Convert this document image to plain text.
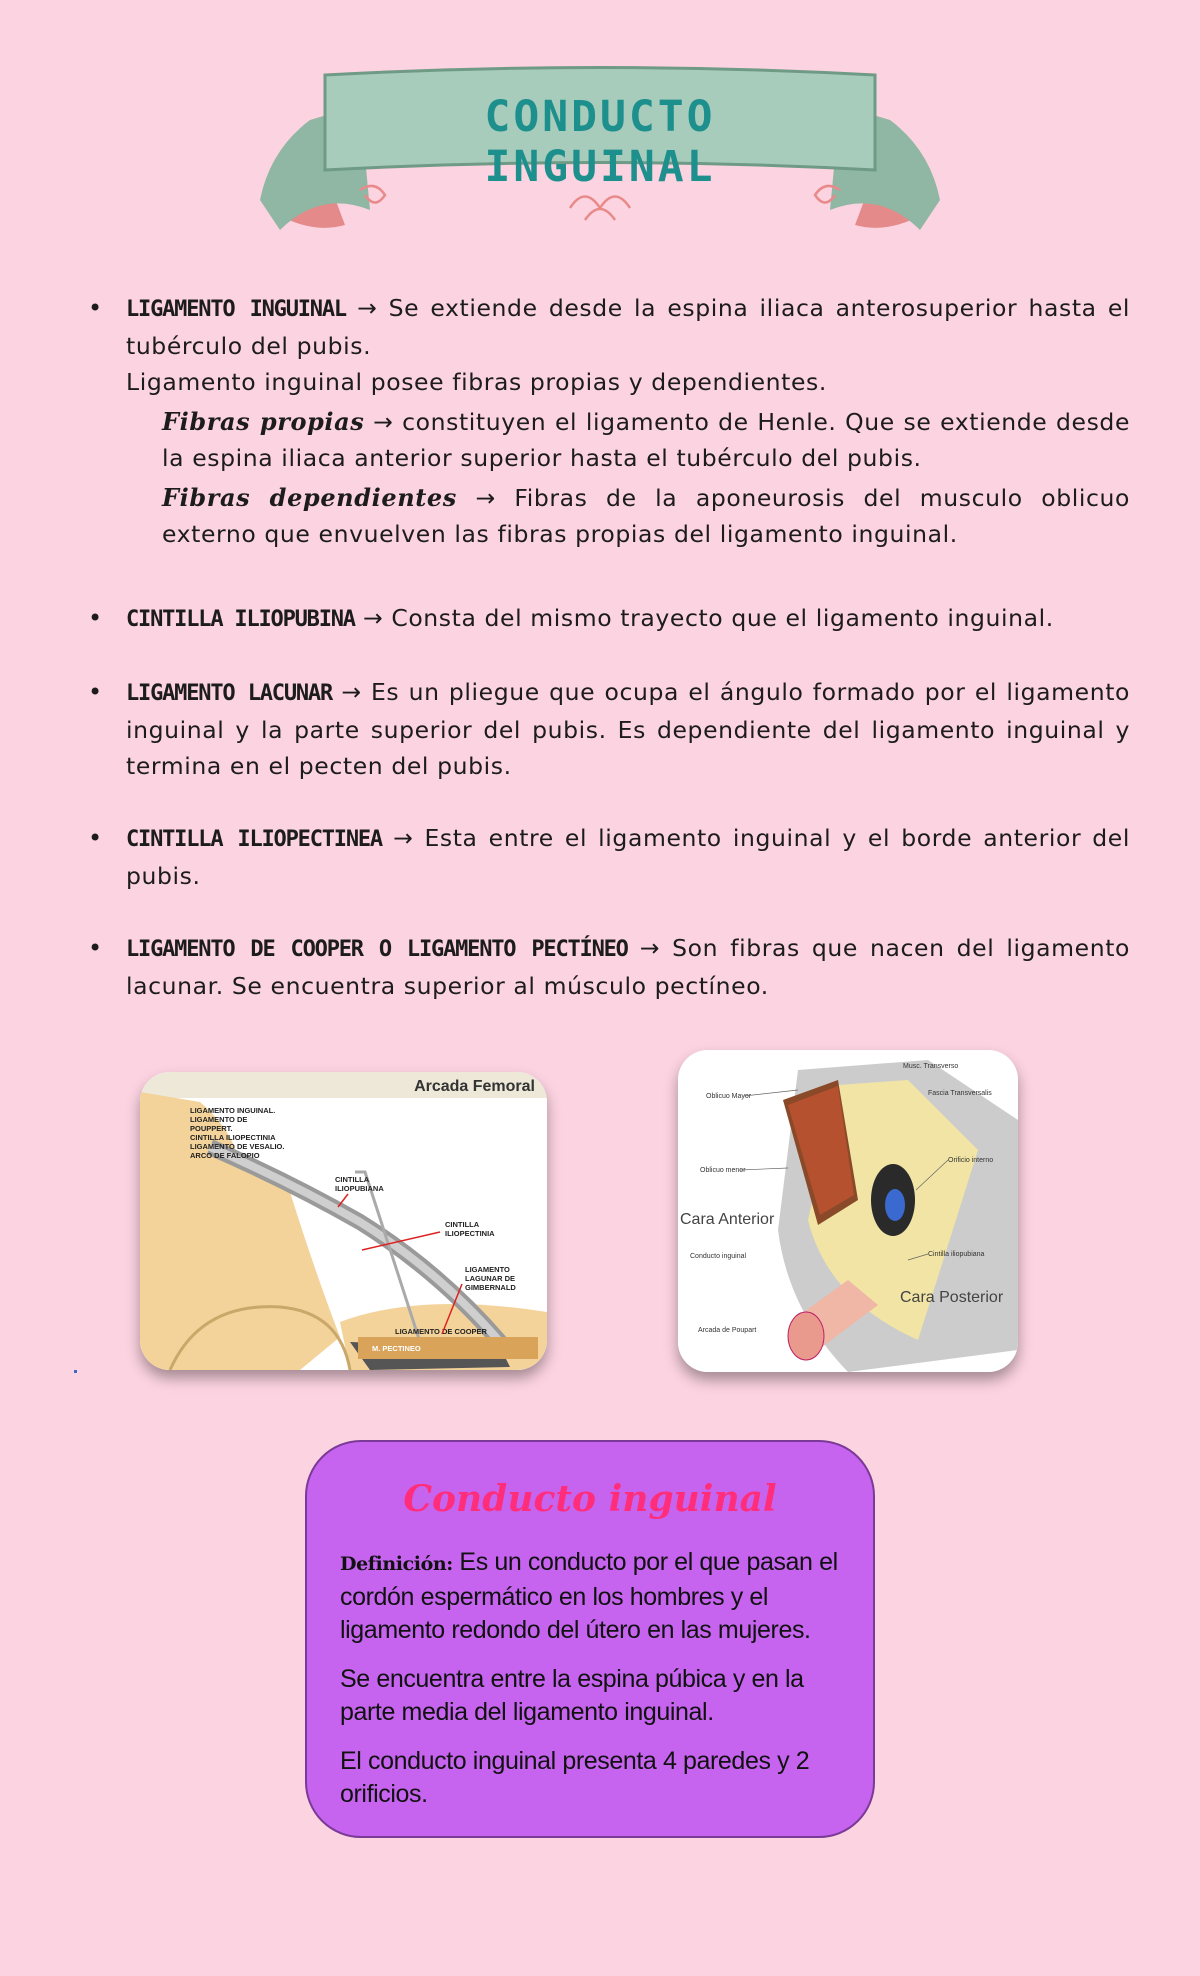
CONDUCTO INGUINAL
• LIGAMENTO INGUINAL → Se extiende desde la espina iliaca anterosuperior hasta el tubérculo del pubis.
Ligamento inguinal posee fibras propias y dependientes.
Fibras propias → constituyen el ligamento de Henle. Que se extiende desde la espina iliaca anterior superior hasta el tubérculo del pubis.
Fibras dependientes → Fibras de la aponeurosis del musculo oblicuo externo que envuelven las fibras propias del ligamento inguinal.
• CINTILLA ILIOPUBINA → Consta del mismo trayecto que el ligamento inguinal.
• LIGAMENTO LACUNAR → Es un pliegue que ocupa el ángulo formado por el ligamento inguinal y la parte superior del pubis. Es dependiente del ligamento inguinal y termina en el pecten del pubis.
• CINTILLA ILIOPECTINEA → Esta entre el ligamento inguinal y el borde anterior del pubis.
• LIGAMENTO DE COOPER O LIGAMENTO PECTÍNEO → Son fibras que nacen del ligamento lacunar. Se encuentra superior al músculo pectíneo.
Arcada Femoral
LIGAMENTO INGUINAL.
LIGAMENTO DE
POUPPERT.
CINTILLA ILIOPECTINIA
LIGAMENTO DE VESALIO.
ARCO DE FALOPIO
CINTILLA
ILIOPUBIANA
CINTILLA
ILIOPECTINIA
LIGAMENTO
LAGUNAR DE
GIMBERNALD
LIGAMENTO DE COOPER
M. PECTINEO
Musc. Transverso
Oblicuo Mayor	Fascia Transversalis
Orificio interno
Oblicuo menor
Cintilla iliopubiana
Conducto inguinal
Arcada de Poupart
Cara Anterior
Cara Posterior
Conducto inguinal

Definición: Es un conducto por el que pasan el cordón espermático en los hombres y el ligamento redondo del útero en las mujeres.

Se encuentra entre la espina púbica y en la parte media del ligamento inguinal.

El conducto inguinal presenta 4 paredes y 2 orificios.
